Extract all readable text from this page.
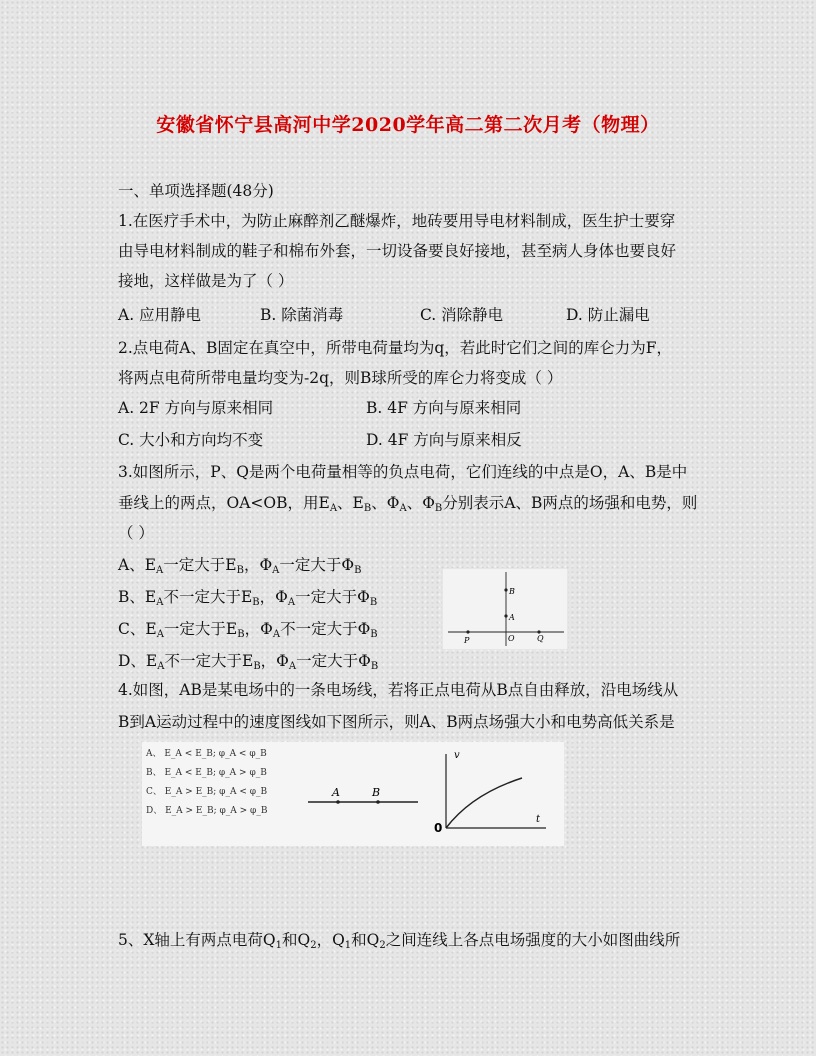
安徽省怀宁县高河中学2020学年高二第二次月考（物理）
一、单项选择题(48分)
1.在医疗手术中，为防止麻醉剂乙醚爆炸，地砖要用导电材料制成，医生护士要穿
由导电材料制成的鞋子和棉布外套，一切设备要良好接地，甚至病人身体也要良好
接地，这样做是为了（ ）
A. 应用静电	B. 除菌消毒	C. 消除静电	D. 防止漏电
2.点电荷A、B固定在真空中，所带电荷量均为q，若此时它们之间的库仑力为F，
将两点电荷所带电量均变为-2q，则B球所受的库仑力将变成（ ）
A. 2F 方向与原来相同	B. 4F 方向与原来相同
C. 大小和方向均不变	D. 4F 方向与原来相反
3.如图所示，P、Q是两个电荷量相等的负点电荷，它们连线的中点是O，A、B是中
垂线上的两点，OA<OB，用$E_A$、$E_B$、$\Phi_A$、$\Phi_B$分别表示A、B两点的场强和电势，则
（ ）
A、$E_A$一定大于$E_B$，$\Phi_A$一定大于$\Phi_B$
B、$E_A$不一定大于$E_B$，$\Phi_A$一定大于$\Phi_B$
C、$E_A$一定大于$E_B$，$\Phi_A$不一定大于$\Phi_B$
D、$E_A$不一定大于$E_B$，$\Phi_A$一定大于$\Phi_B$
B
A
P	O	Q
4.如图，AB是某电场中的一条电场线，若将正点电荷从B点自由释放，沿电场线从
B到A运动过程中的速度图线如下图所示，则A、B两点场强大小和电势高低关系是
A、 E_A < E_B; φ_A < φ_B
B、 E_A < E_B; φ_A > φ_B
C、 E_A > E_B; φ_A < φ_B
D、 E_A > E_B; φ_A > φ_B
A	B
v
t
0
5、X轴上有两点电荷$Q_1$和$Q_2$，$Q_1$和$Q_2$之间连线上各点电场强度的大小如图曲线所
